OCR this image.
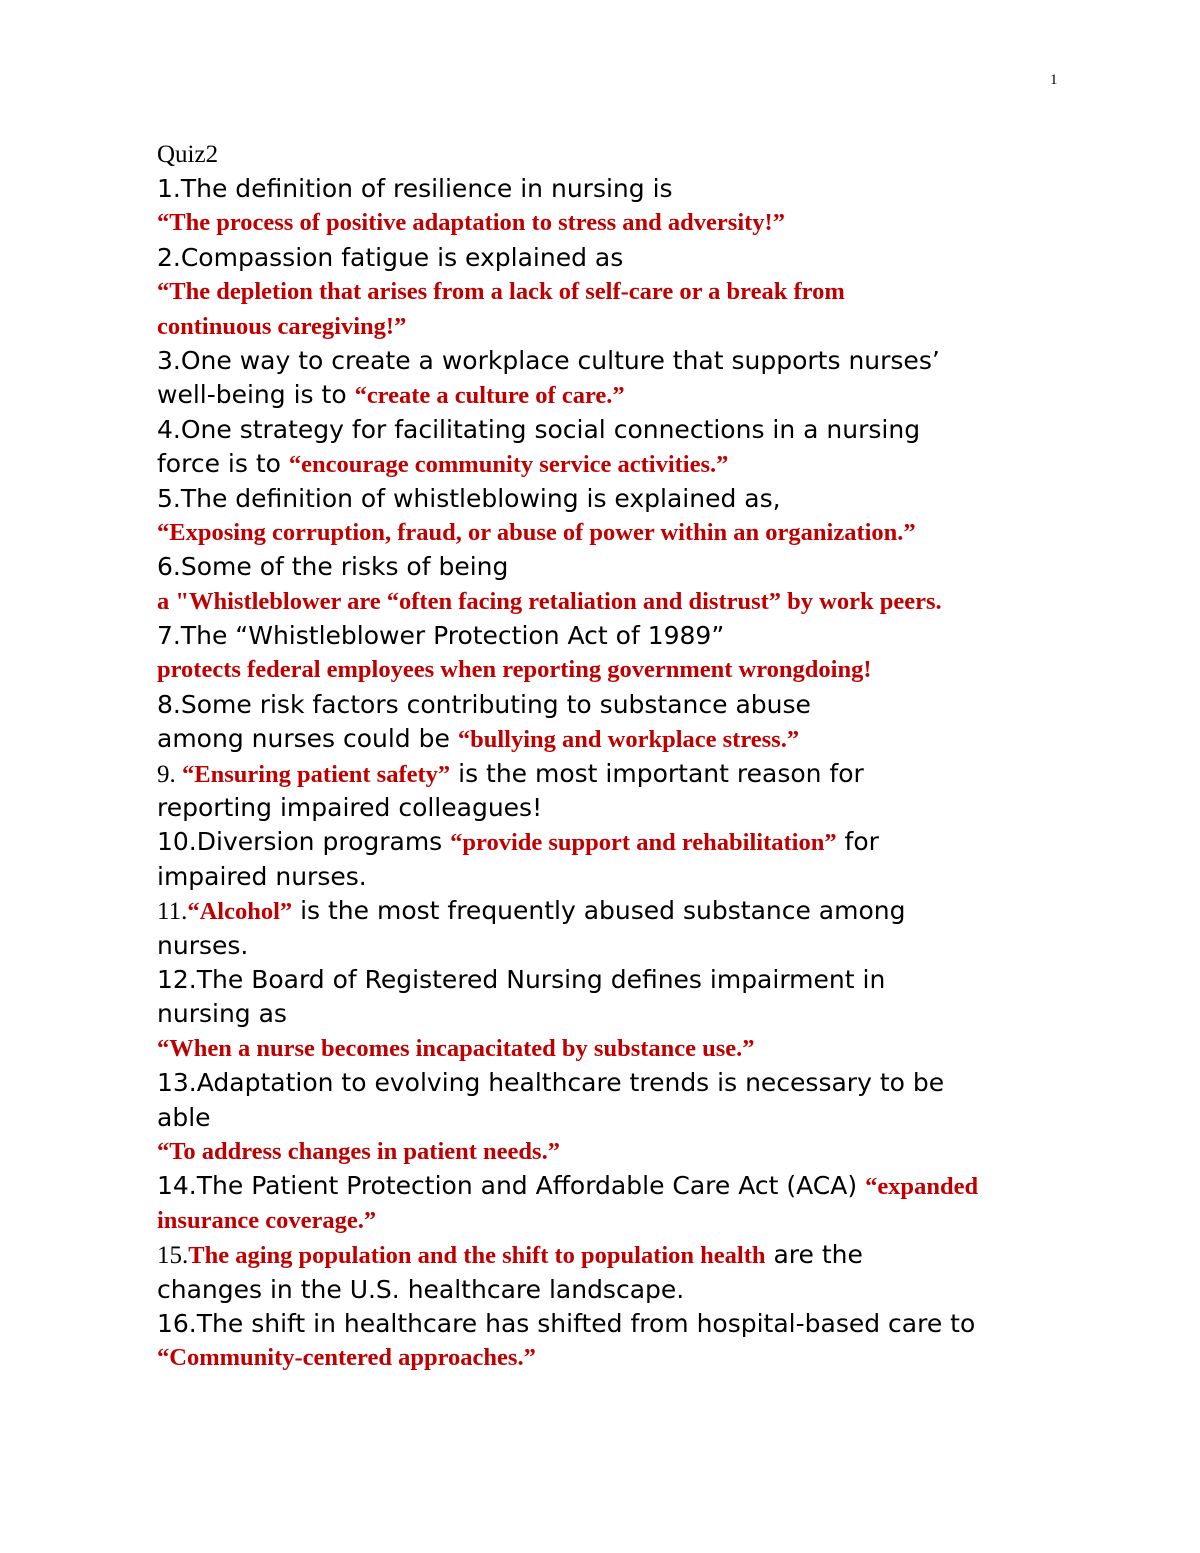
1
Quiz2
1.The definition of resilience in nursing is
“The process of positive adaptation to stress and adversity!”
2.Compassion fatigue is explained as
“The depletion that arises from a lack of self-care or a break from
continuous caregiving!”
3.One way to create a workplace culture that supports nurses’
well-being is to “create a culture of care.”
4.One strategy for facilitating social connections in a nursing
force is to “encourage community service activities.”
5.The definition of whistleblowing is explained as,
“Exposing corruption, fraud, or abuse of power within an organization.”
6.Some of the risks of being
a "Whistleblower are “often facing retaliation and distrust” by work peers.
7.The “Whistleblower Protection Act of 1989”
protects federal employees when reporting government wrongdoing!
8.Some risk factors contributing to substance abuse
among nurses could be “bullying and workplace stress.”
9. “Ensuring patient safety” is the most important reason for
reporting impaired colleagues!
10.Diversion programs “provide support and rehabilitation” for
impaired nurses.
11.“Alcohol” is the most frequently abused substance among
nurses.
12.The Board of Registered Nursing defines impairment in
nursing as
“When a nurse becomes incapacitated by substance use.”
13.Adaptation to evolving healthcare trends is necessary to be
able
“To address changes in patient needs.”
14.The Patient Protection and Affordable Care Act (ACA) “expanded
insurance coverage.”
15.The aging population and the shift to population health are the
changes in the U.S. healthcare landscape.
16.The shift in healthcare has shifted from hospital-based care to
“Community-centered approaches.”
